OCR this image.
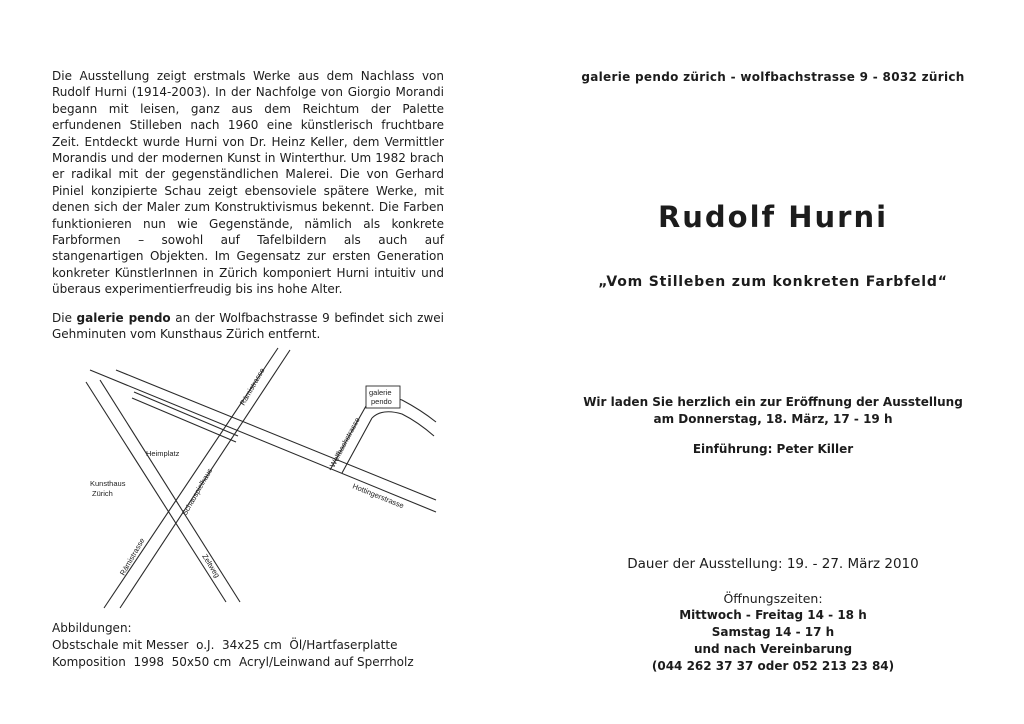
Die Ausstellung zeigt erstmals Werke aus dem Nachlass von Rudolf Hurni (1914-2003). In der Nachfolge von Giorgio Morandi begann mit leisen, ganz aus dem Reichtum der Palette erfundenen Stilleben nach 1960 eine künstlerisch fruchtbare Zeit. Entdeckt wurde Hurni von Dr. Heinz Keller, dem Vermittler Morandis und der modernen Kunst in Winterthur. Um 1982 brach er radikal mit der gegenständlichen Malerei. Die von Gerhard Piniel konzipierte Schau zeigt ebensoviele spätere Werke, mit denen sich der Maler zum Konstruktivismus bekennt. Die Farben funktionieren nun wie Gegenstände, nämlich als konkrete Farbformen – sowohl auf Tafelbildern als auch auf stangenartigen Objekten. Im Gegensatz zur ersten Generation konkreter KünstlerInnen in Zürich komponiert Hurni intuitiv und überaus experimentierfreudig bis ins hohe Alter.

Die galerie pendo an der Wolfbachstrasse 9 befindet sich zwei Gehminuten vom Kunsthaus Zürich entfernt.

galerie
pendo
Rämistrasse
Heimplatz
Kunsthaus
Zürich	Schauspielhaus
Wolfbachstrasse
Hottingerstrasse
Rämistrasse	Zeltweg
Abbildungen:
Obstschale mit Messer  o.J.  34x25 cm  Öl/Hartfaserplatte
Komposition  1998  50x50 cm  Acryl/Leinwand auf Sperrholz
galerie pendo zürich - wolfbachstrasse 9 - 8032 zürich
Rudolf Hurni
„Vom Stilleben zum konkreten Farbfeld“
Wir laden Sie herzlich ein zur Eröffnung der Ausstellung
am Donnerstag, 18. März, 17 - 19 h
Einführung: Peter Killer
Dauer der Ausstellung: 19. - 27. März 2010
Öffnungszeiten:
Mittwoch - Freitag 14 - 18 h
Samstag 14 - 17 h
und nach Vereinbarung
(044 262 37 37 oder 052 213 23 84)
